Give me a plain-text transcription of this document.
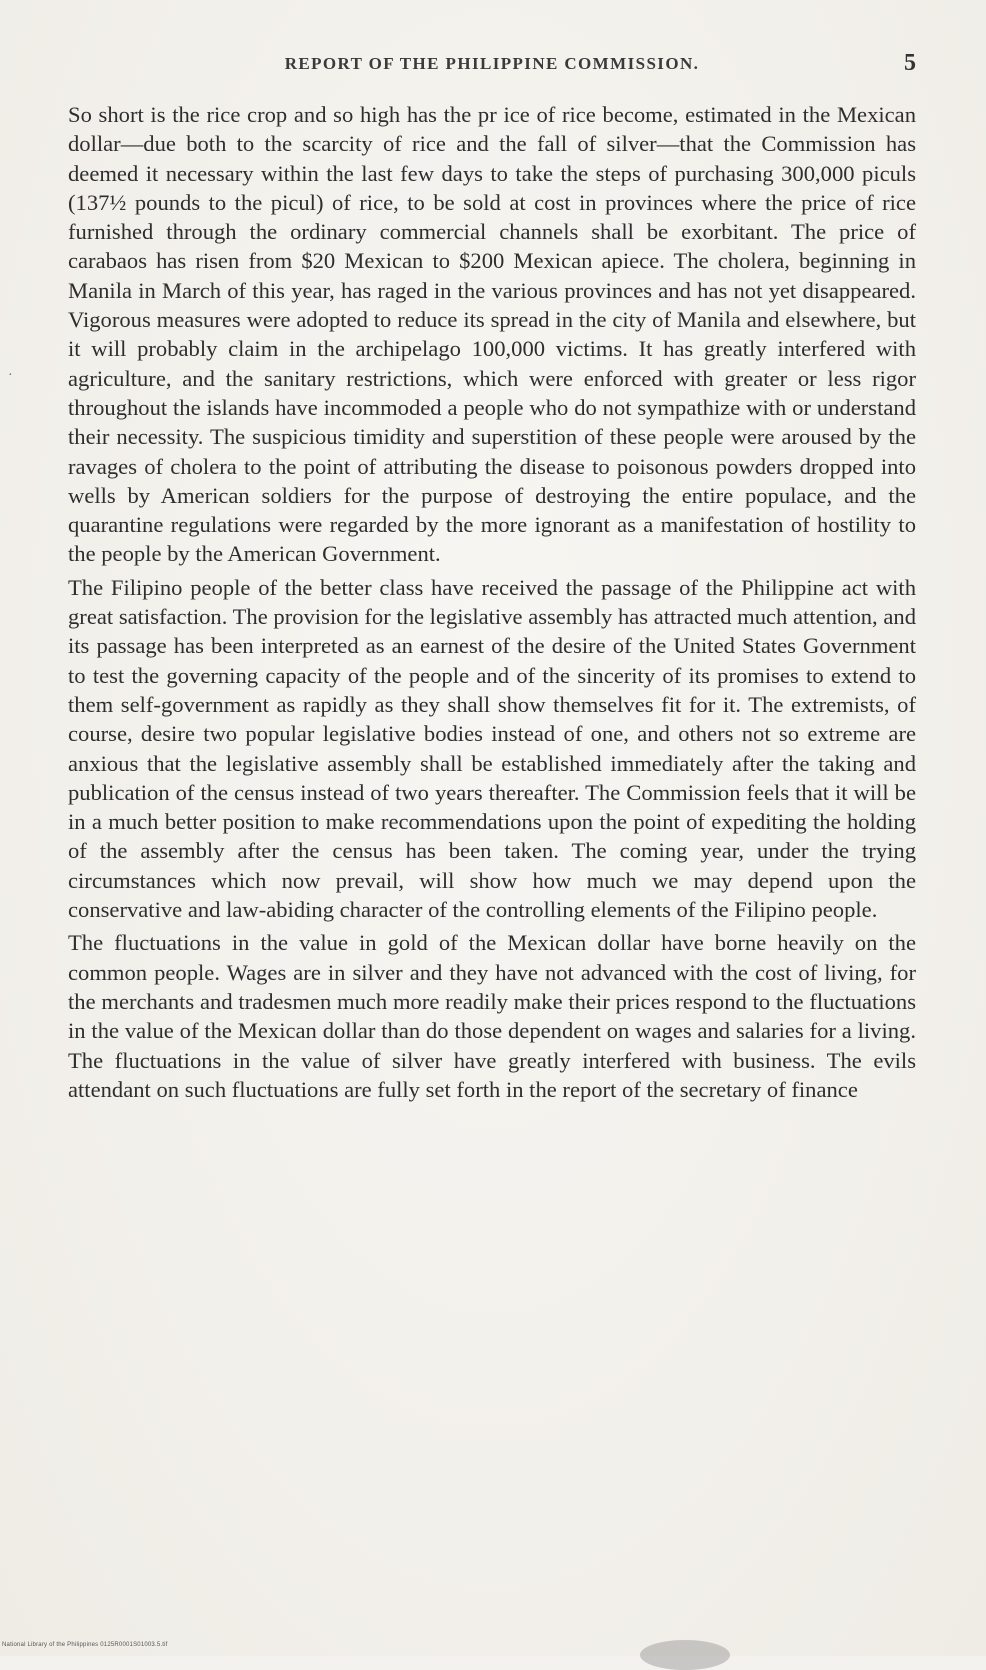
REPORT OF THE PHILIPPINE COMMISSION.	5
·

So short is the rice crop and so high has the pr ice of rice become, estimated in the Mexican dollar—due both to the scarcity of rice and the fall of silver—that the Commission has deemed it necessary within the last few days to take the steps of purchasing 300,000 piculs (137½ pounds to the picul) of rice, to be sold at cost in provinces where the price of rice furnished through the ordinary commercial channels shall be exorbitant. The price of carabaos has risen from $20 Mexican to $200 Mexican apiece. The cholera, beginning in Manila in March of this year, has raged in the various provinces and has not yet disappeared. Vigorous measures were adopted to reduce its spread in the city of Manila and elsewhere, but it will probably claim in the archipelago 100,000 victims. It has greatly interfered with agriculture, and the sanitary restrictions, which were enforced with greater or less rigor throughout the islands have incommoded a people who do not sympathize with or understand their necessity. The suspicious timidity and superstition of these people were aroused by the ravages of cholera to the point of attributing the disease to poisonous powders dropped into wells by American soldiers for the purpose of destroying the entire populace, and the quarantine regulations were regarded by the more ignorant as a manifestation of hostility to the people by the American Government.

The Filipino people of the better class have received the passage of the Philippine act with great satisfaction. The provision for the legislative assembly has attracted much attention, and its passage has been interpreted as an earnest of the desire of the United States Government to test the governing capacity of the people and of the sincerity of its promises to extend to them self-government as rapidly as they shall show themselves fit for it. The extremists, of course, desire two popular legislative bodies instead of one, and others not so extreme are anxious that the legislative assembly shall be established immediately after the taking and publication of the census instead of two years thereafter. The Commission feels that it will be in a much better position to make recommendations upon the point of expediting the holding of the assembly after the census has been taken. The coming year, under the trying circumstances which now prevail, will show how much we may depend upon the conservative and law-abiding character of the controlling elements of the Filipino people.

The fluctuations in the value in gold of the Mexican dollar have borne heavily on the common people. Wages are in silver and they have not advanced with the cost of living, for the merchants and tradesmen much more readily make their prices respond to the fluctuations in the value of the Mexican dollar than do those dependent on wages and salaries for a living. The fluctuations in the value of silver have greatly interfered with business. The evils attendant on such fluctuations are fully set forth in the report of the secretary of finance

National Library of the Philippines 0125R0001S01003.5.tif
